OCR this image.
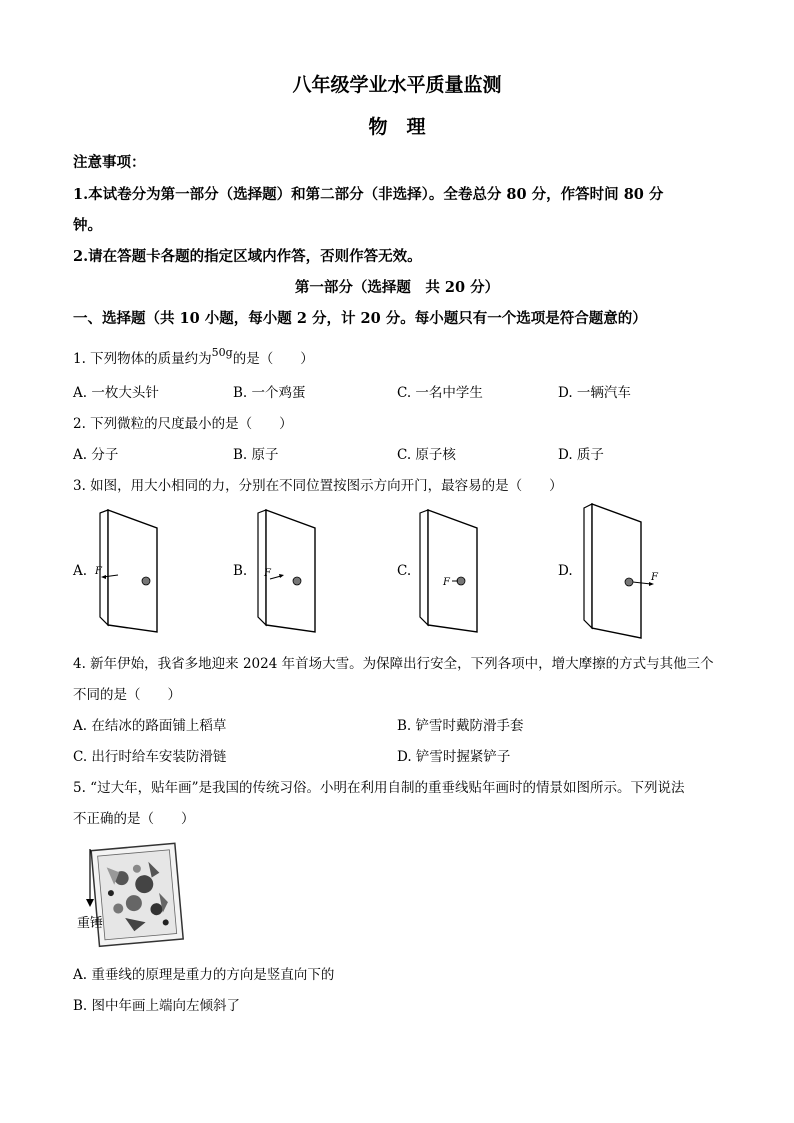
八年级学业水平质量监测
物　理
注意事项：
1.本试卷分为第一部分（选择题）和第二部分（非选择）。全卷总分 80 分，作答时间 80 分
钟。
2.请在答题卡各题的指定区域内作答，否则作答无效。
第一部分（选择题　共 20 分）
一、选择题（共 10 小题，每小题 2 分，计 20 分。每小题只有一个选项是符合题意的）
1. 下列物体的质量约为$^{50g}$的是（　　）
A. 一枚大头针	B. 一个鸡蛋	C. 一名中学生	D. 一辆汽车
2. 下列微粒的尺度最小的是（　　）
A. 分子	B. 原子	C. 原子核	D. 质子
3. 如图，用大小相同的力，分别在不同位置按图示方向开门，最容易的是（　　）
A.	B.	C.	D.
F	F
F	F
4. 新年伊始，我省多地迎来 2024 年首场大雪。为保障出行安全，下列各项中，增大摩擦的方式与其他三个
不同的是（　　）
A. 在结冰的路面铺上稻草	B. 铲雪时戴防滑手套
C. 出行时给车安装防滑链	D. 铲雪时握紧铲子
5. “过大年，贴年画”是我国的传统习俗。小明在利用自制的重垂线贴年画时的情景如图所示。下列说法
不正确的是（　　）
重锤
A. 重垂线的原理是重力的方向是竖直向下的
B. 图中年画上端向左倾斜了
